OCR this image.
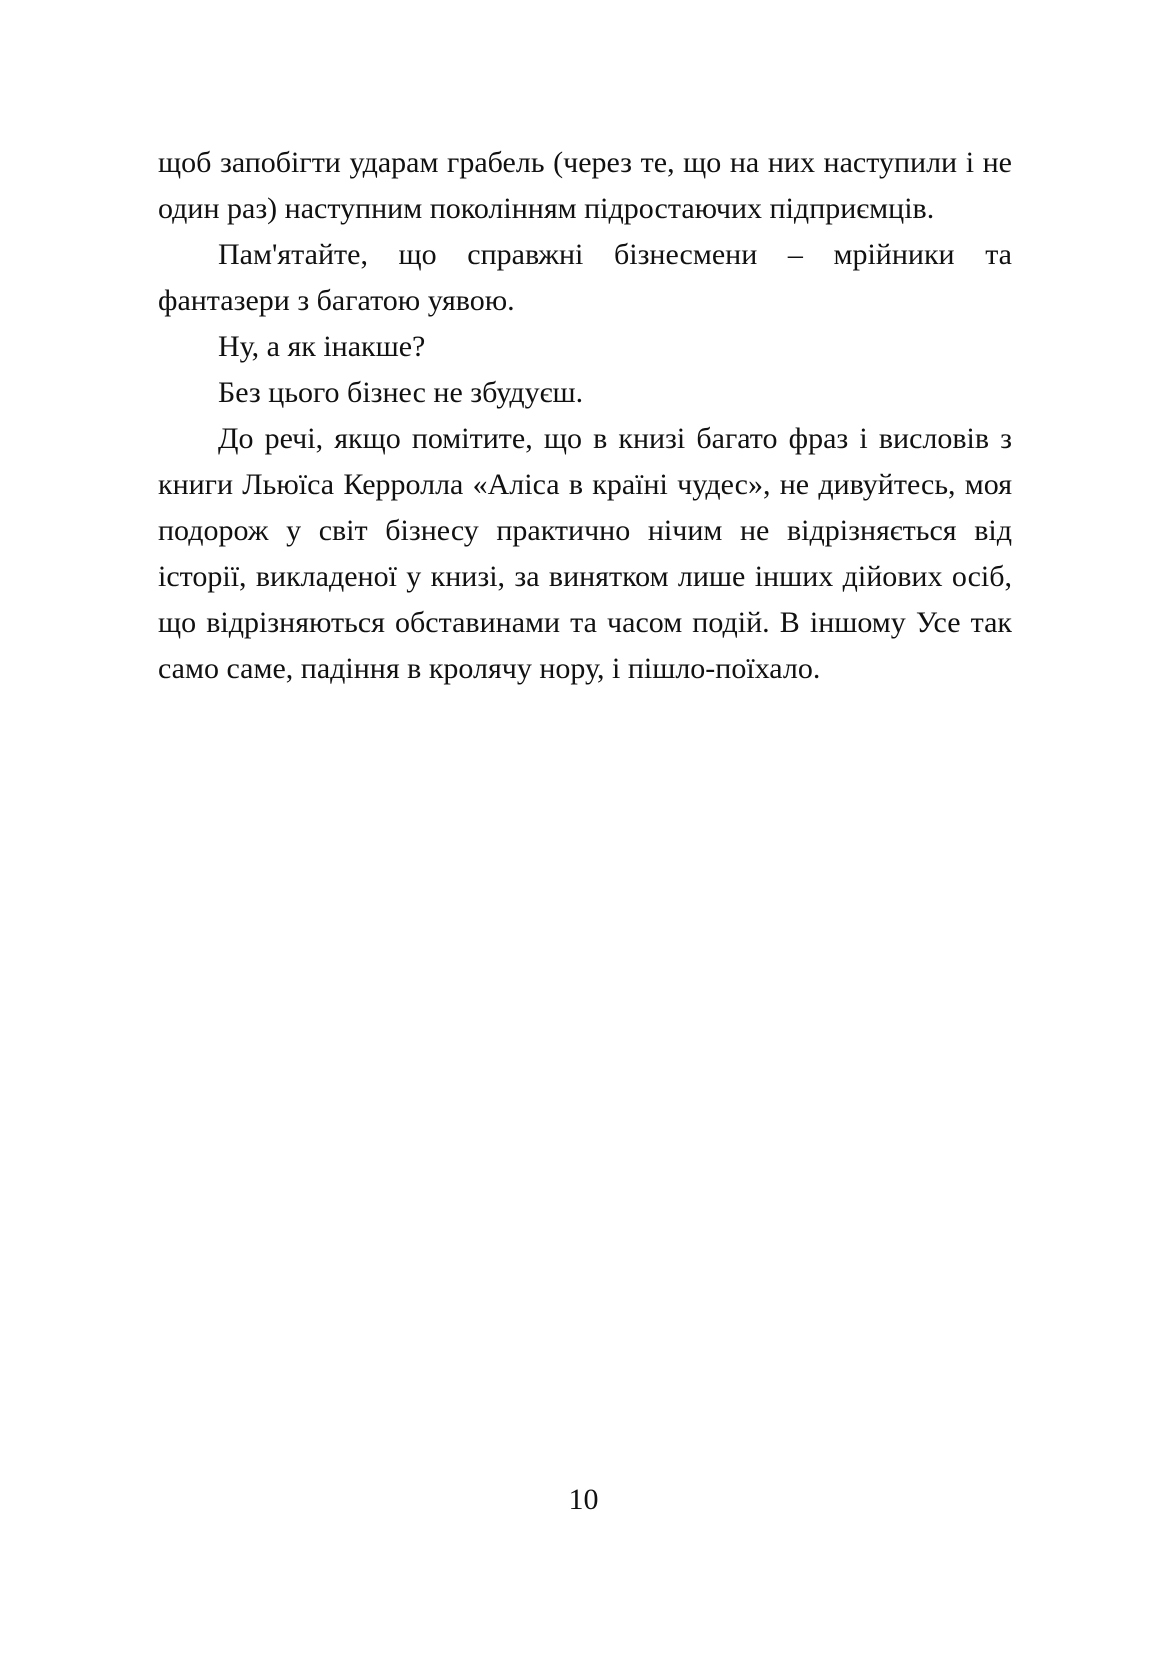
щоб запобігти ударам грабель (через те, що на них наступили і не один раз) наступним поколінням підростаючих підприємців.

Пам'ятайте, що справжні бізнесмени – мрійники та фантазери з багатою уявою.

Ну, а як інакше?

Без цього бізнес не збудуєш.

До речі, якщо помітите, що в книзі багато фраз і висловів з книги Льюїса Керролла «Аліса в країні чудес», не дивуйтесь, моя подорож у світ бізнесу практично нічим не відрізняється від історії, викладеної у книзі, за винятком лише інших дійових осіб, що відрізняються обставинами та часом подій. В іншому Усе так само саме, падіння в кролячу нору, і пішло-поїхало.

10
